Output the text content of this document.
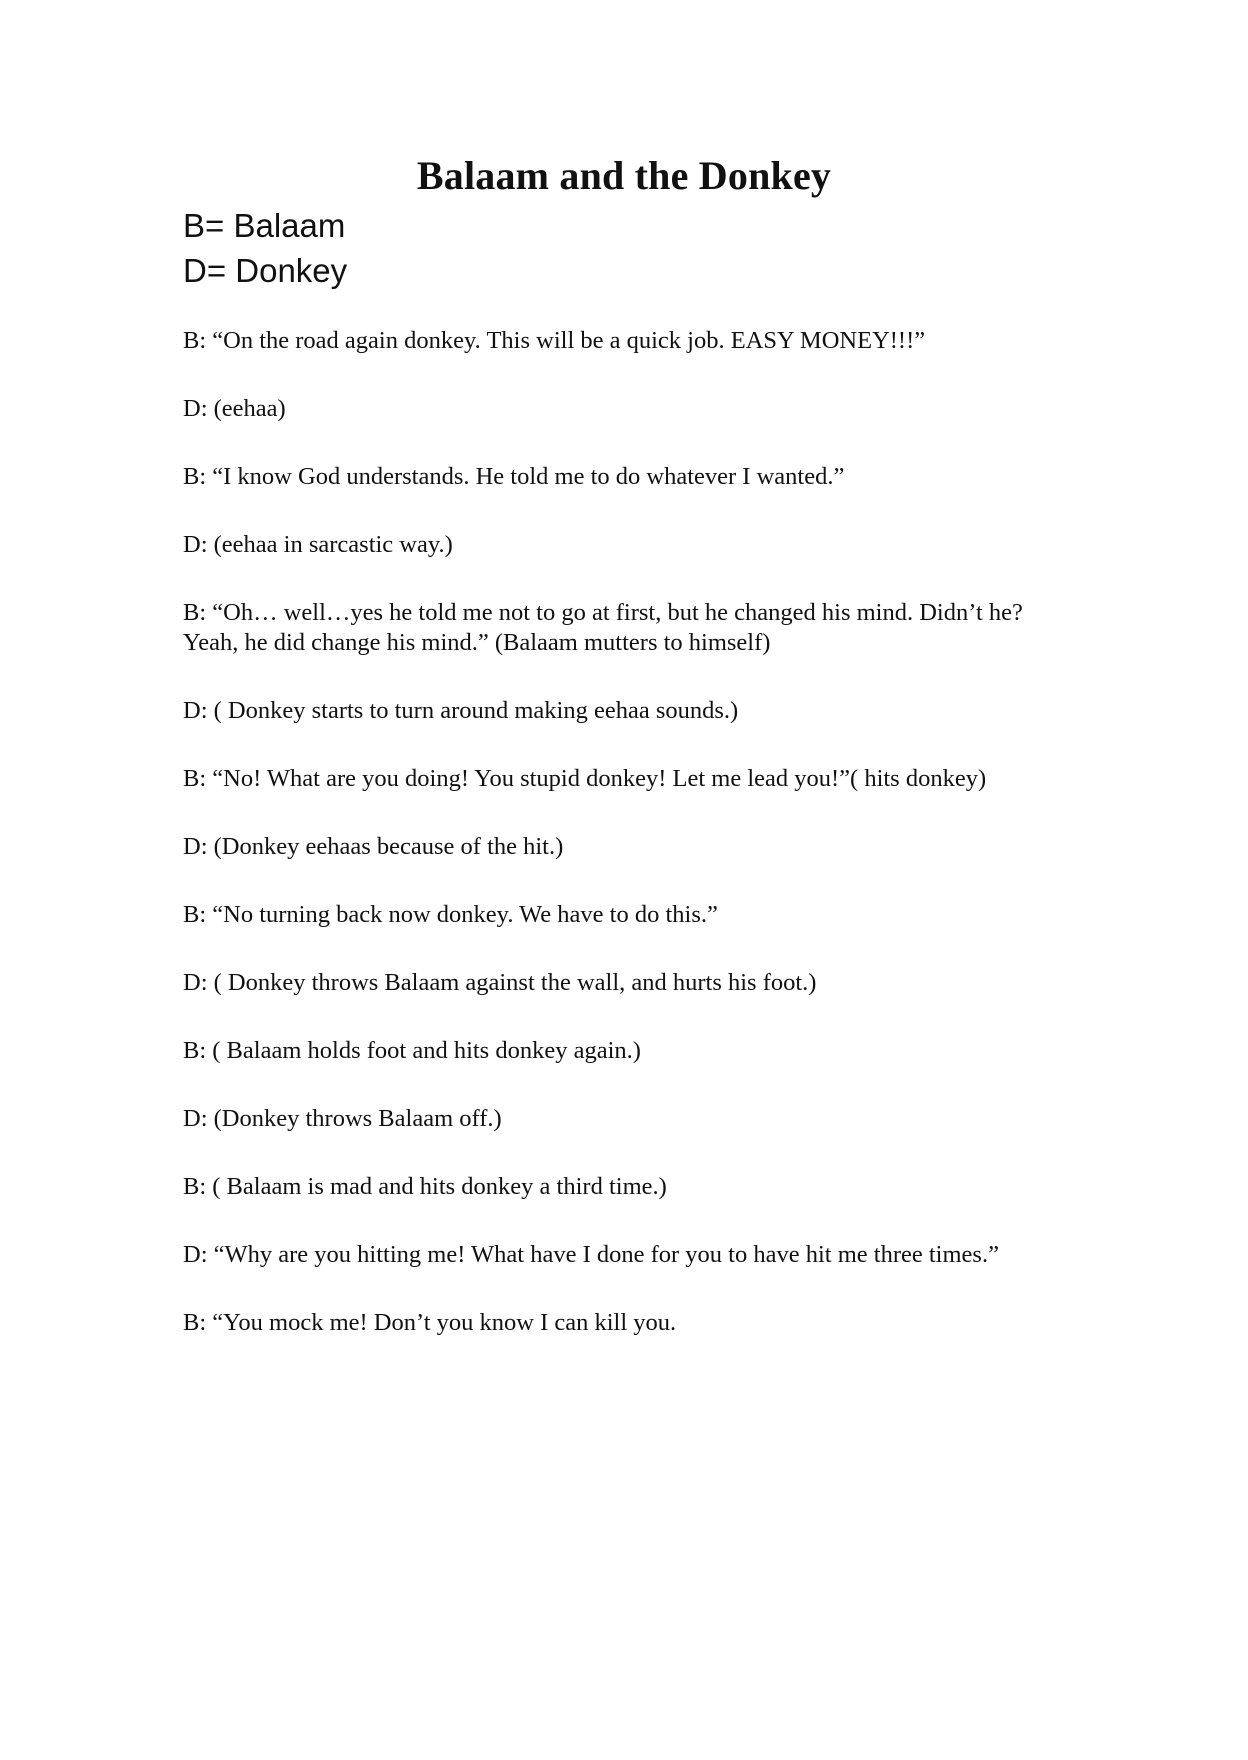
Balaam and the Donkey
B= Balaam
D= Donkey

B: “On the road again donkey. This will be a quick job. EASY MONEY!!!”

D: (eehaa)

B: “I know God understands. He told me to do whatever I wanted.”

D: (eehaa in sarcastic way.)

B: “Oh… well…yes he told me not to go at first, but he changed his mind. Didn’t he? Yeah, he did change his mind.” (Balaam mutters to himself)

D: ( Donkey starts to turn around making eehaa sounds.)

B: “No! What are you doing! You stupid donkey! Let me lead you!”( hits donkey)

D: (Donkey eehaas because of the hit.)

B: “No turning back now donkey. We have to do this.”

D: ( Donkey throws Balaam against the wall, and hurts his foot.)

B: ( Balaam holds foot and hits donkey again.)

D: (Donkey throws Balaam off.)

B: ( Balaam is mad and hits donkey a third time.)

D: “Why are you hitting me! What have I done for you to have hit me three times.”

B: “You mock me! Don’t you know I can kill you.
